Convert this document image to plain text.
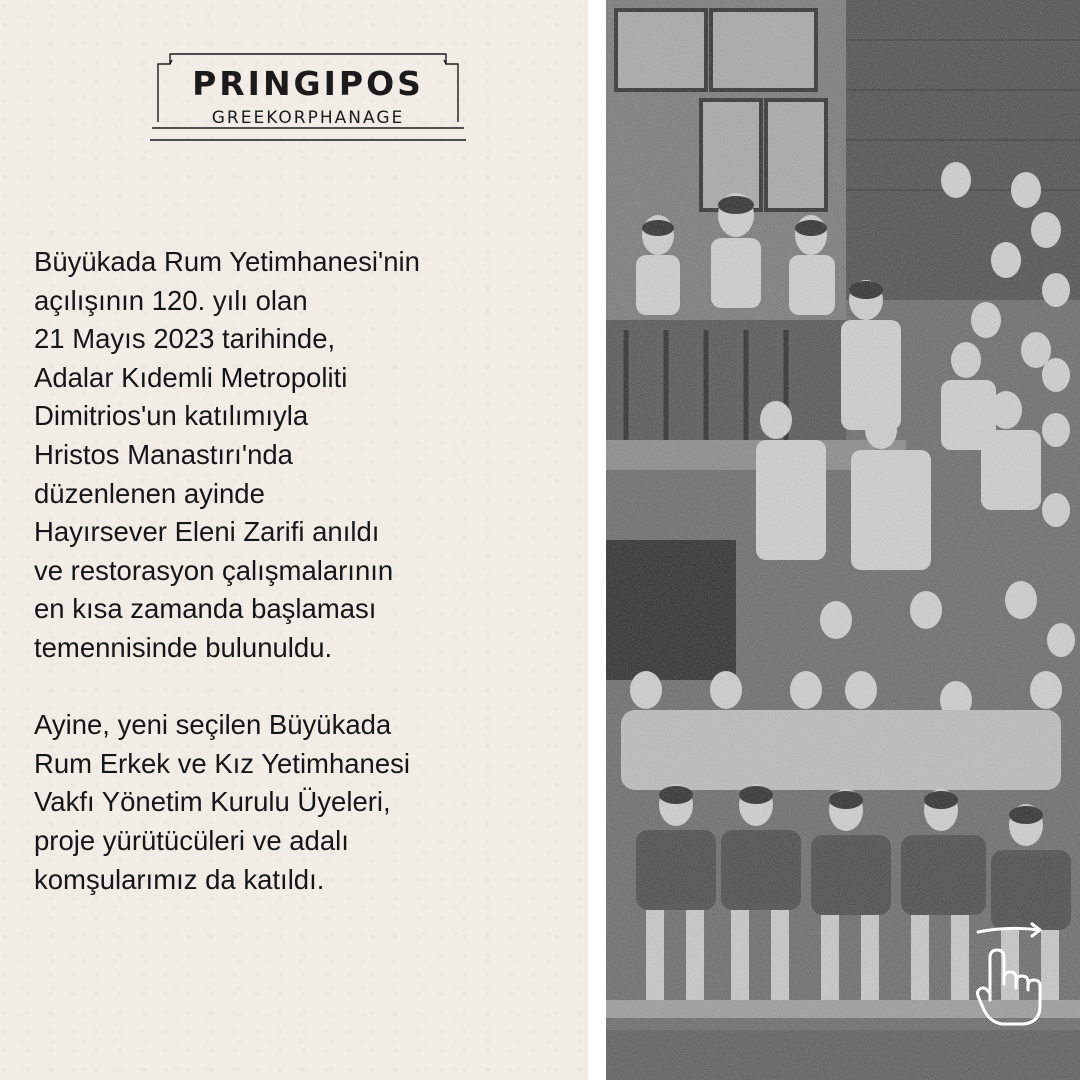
PRINGIPOS
GREEKORPHANAGE

Büyükada Rum Yetimhanesi'nin
açılışının 120. yılı olan
21 Mayıs 2023 tarihinde,
Adalar Kıdemli Metropoliti
Dimitrios'un katılımıyla
Hristos Manastırı'nda
düzenlenen ayinde
Hayırsever Eleni Zarifi anıldı
ve restorasyon çalışmalarının
en kısa zamanda başlaması
temennisinde bulunuldu.

Ayine, yeni seçilen Büyükada
Rum Erkek ve Kız Yetimhanesi
Vakfı Yönetim Kurulu Üyeleri,
proje yürütücüleri ve adalı
komşularımız da katıldı.
